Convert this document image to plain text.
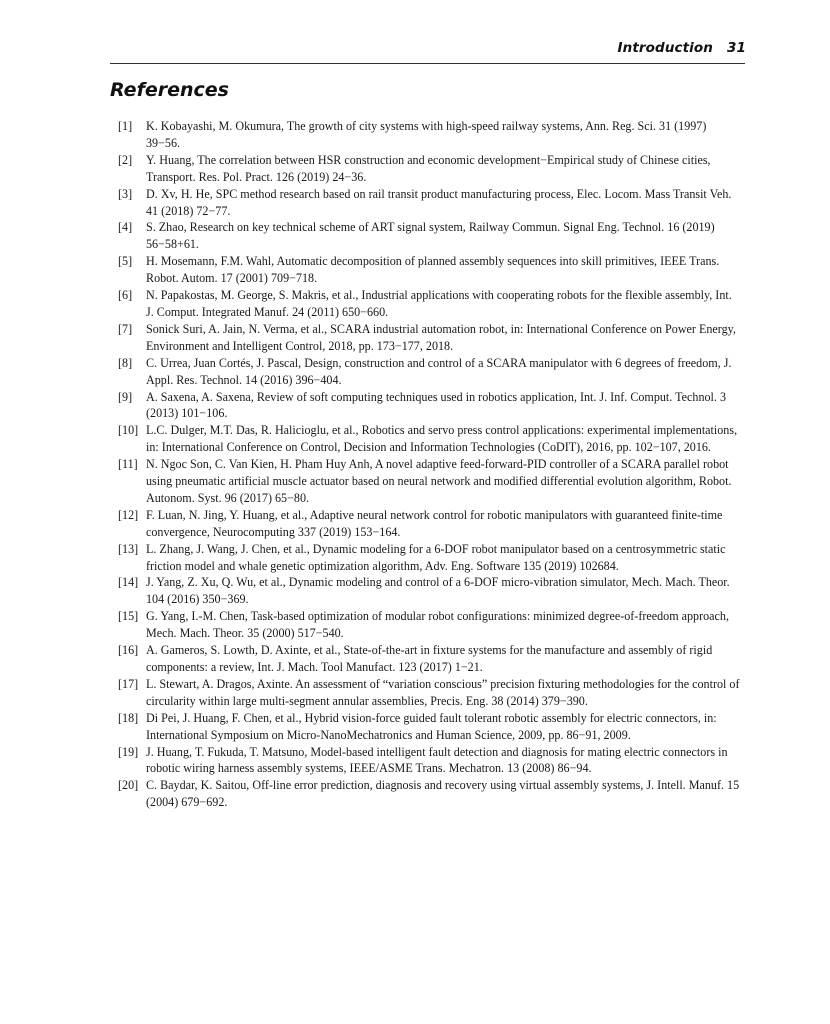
Introduction 31
References
[1]	K. Kobayashi, M. Okumura, The growth of city systems with high-speed railway systems, Ann. Reg. Sci. 31 (1997) 39−56.
[2]	Y. Huang, The correlation between HSR construction and economic development−Empirical study of Chinese cities, Transport. Res. Pol. Pract. 126 (2019) 24−36.
[3]	D. Xv, H. He, SPC method research based on rail transit product manufacturing process, Elec. Locom. Mass Transit Veh. 41 (2018) 72−77.
[4]	S. Zhao, Research on key technical scheme of ART signal system, Railway Commun. Signal Eng. Technol. 16 (2019) 56−58+61.
[5]	H. Mosemann, F.M. Wahl, Automatic decomposition of planned assembly sequences into skill primitives, IEEE Trans. Robot. Autom. 17 (2001) 709−718.
[6]	N. Papakostas, M. George, S. Makris, et al., Industrial applications with cooperating robots for the flexible assembly, Int. J. Comput. Integrated Manuf. 24 (2011) 650−660.
[7]	Sonick Suri, A. Jain, N. Verma, et al., SCARA industrial automation robot, in: International Conference on Power Energy, Environment and Intelligent Control, 2018, pp. 173−177, 2018.
[8]	C. Urrea, Juan Cortés, J. Pascal, Design, construction and control of a SCARA manipulator with 6 degrees of freedom, J. Appl. Res. Technol. 14 (2016) 396−404.
[9]	A. Saxena, A. Saxena, Review of soft computing techniques used in robotics application, Int. J. Inf. Comput. Technol. 3 (2013) 101−106.
[10] L.C. Dulger, M.T. Das, R. Halicioglu, et al., Robotics and servo press control applications: experimental implementations, in: International Conference on Control, Decision and Information Technologies (CoDIT), 2016, pp. 102−107, 2016.
[11] N. Ngoc Son, C. Van Kien, H. Pham Huy Anh, A novel adaptive feed-forward-PID controller of a SCARA parallel robot using pneumatic artificial muscle actuator based on neural network and modified differential evolution algorithm, Robot. Autonom. Syst. 96 (2017) 65−80.
[12] F. Luan, N. Jing, Y. Huang, et al., Adaptive neural network control for robotic manipulators with guaranteed finite-time convergence, Neurocomputing 337 (2019) 153−164.
[13] L. Zhang, J. Wang, J. Chen, et al., Dynamic modeling for a 6-DOF robot manipulator based on a centrosymmetric static friction model and whale genetic optimization algorithm, Adv. Eng. Software 135 (2019) 102684.
[14] J. Yang, Z. Xu, Q. Wu, et al., Dynamic modeling and control of a 6-DOF micro-vibration simulator, Mech. Mach. Theor. 104 (2016) 350−369.
[15] G. Yang, I.-M. Chen, Task-based optimization of modular robot configurations: minimized degree-of-freedom approach, Mech. Mach. Theor. 35 (2000) 517−540.
[16] A. Gameros, S. Lowth, D. Axinte, et al., State-of-the-art in fixture systems for the manufacture and assembly of rigid components: a review, Int. J. Mach. Tool Manufact. 123 (2017) 1−21.
[17] L. Stewart, A. Dragos, Axinte. An assessment of “variation conscious” precision fixturing methodologies for the control of circularity within large multi-segment annular assemblies, Precis. Eng. 38 (2014) 379−390.
[18] Di Pei, J. Huang, F. Chen, et al., Hybrid vision-force guided fault tolerant robotic assembly for electric connectors, in: International Symposium on Micro-NanoMechatronics and Human Science, 2009, pp. 86−91, 2009.
[19] J. Huang, T. Fukuda, T. Matsuno, Model-based intelligent fault detection and diagnosis for mating electric connectors in robotic wiring harness assembly systems, IEEE/ASME Trans. Mechatron. 13 (2008) 86−94.
[20] C. Baydar, K. Saitou, Off-line error prediction, diagnosis and recovery using virtual assembly systems, J. Intell. Manuf. 15 (2004) 679−692.
